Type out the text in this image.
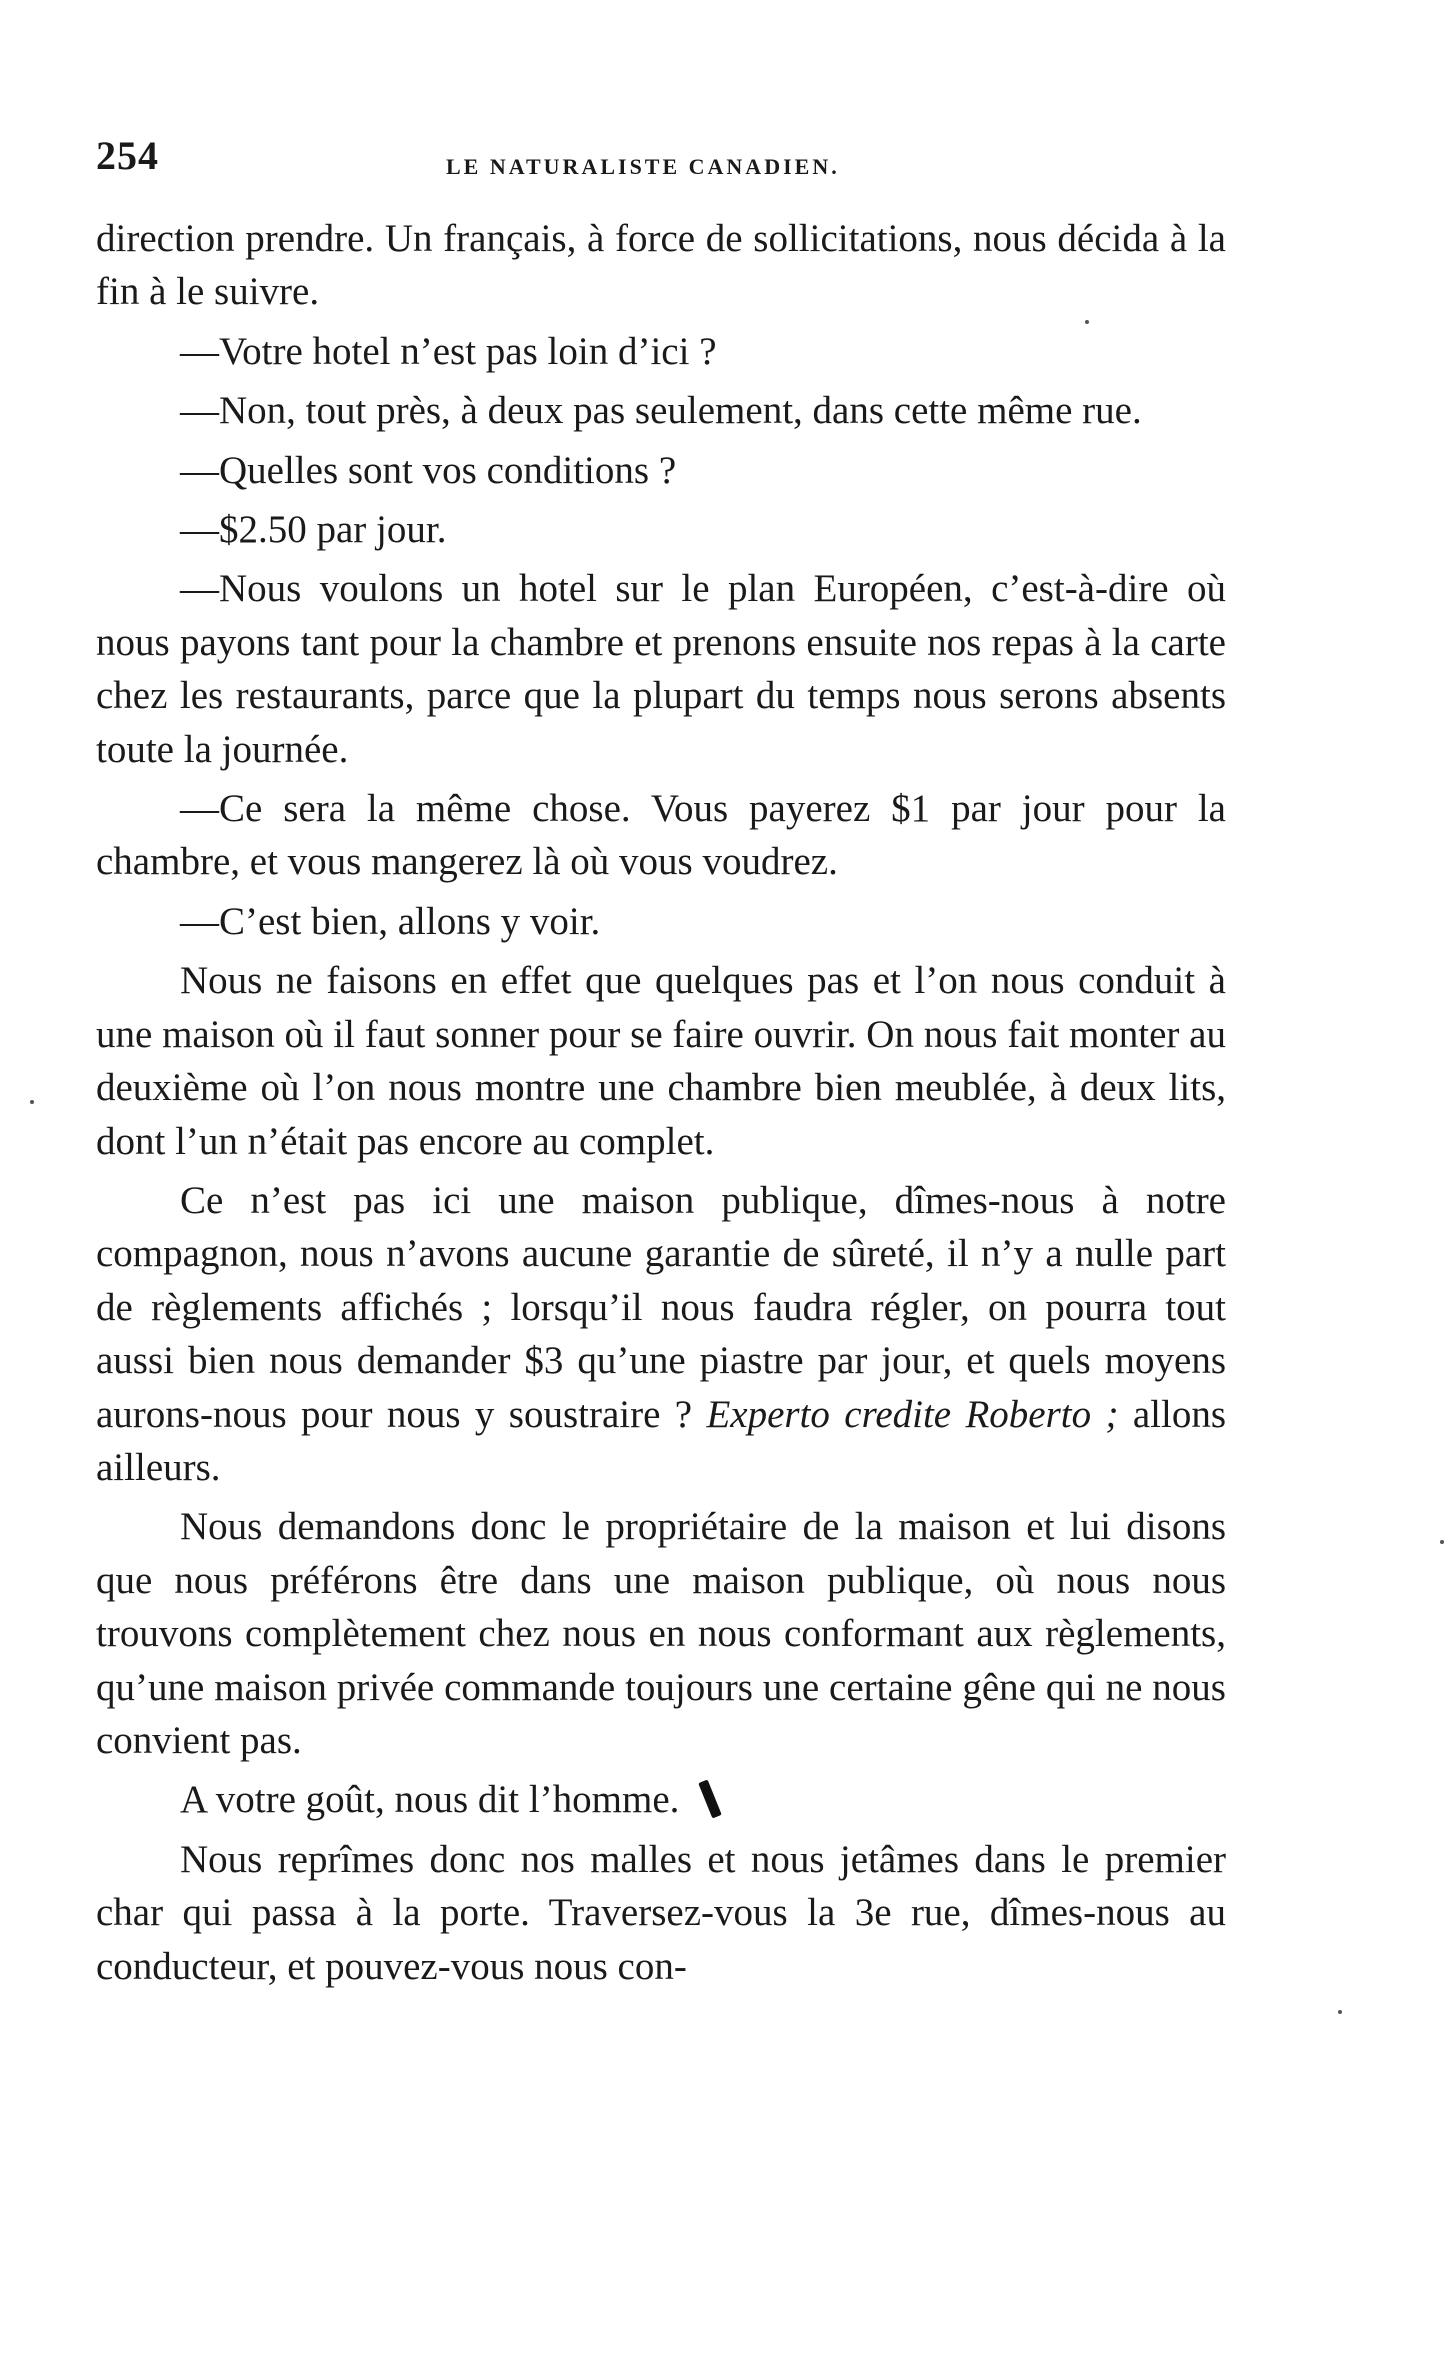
254	LE NATURALISTE CANADIEN.

direction prendre. Un français, à force de sollicitations, nous décida à la fin à le suivre.

—Votre hotel n’est pas loin d’ici ?

—Non, tout près, à deux pas seulement, dans cette même rue.

—Quelles sont vos conditions ?

—$2.50 par jour.

—Nous voulons un hotel sur le plan Européen, c’est-à-dire où nous payons tant pour la chambre et prenons ensuite nos repas à la carte chez les restaurants, parce que la plupart du temps nous serons absents toute la journée.

—Ce sera la même chose. Vous payerez $1 par jour pour la chambre, et vous mangerez là où vous voudrez.

—C’est bien, allons y voir.

Nous ne faisons en effet que quelques pas et l’on nous conduit à une maison où il faut sonner pour se faire ouvrir. On nous fait monter au deuxième où l’on nous montre une chambre bien meublée, à deux lits, dont l’un n’était pas encore au complet.

Ce n’est pas ici une maison publique, dîmes-nous à notre compagnon, nous n’avons aucune garantie de sûreté, il n’y a nulle part de règlements affichés ; lorsqu’il nous faudra régler, on pourra tout aussi bien nous demander $3 qu’une piastre par jour, et quels moyens aurons-nous pour nous y soustraire ? Experto credite Roberto ; allons ailleurs.

Nous demandons donc le propriétaire de la maison et lui disons que nous préférons être dans une maison publique, où nous nous trouvons complètement chez nous en nous conformant aux règlements, qu’une maison privée commande toujours une certaine gêne qui ne nous convient pas.

A votre goût, nous dit l’homme.

Nous reprîmes donc nos malles et nous jetâmes dans le premier char qui passa à la porte. Traversez-vous la 3e rue, dîmes-nous au conducteur, et pouvez-vous nous con-
